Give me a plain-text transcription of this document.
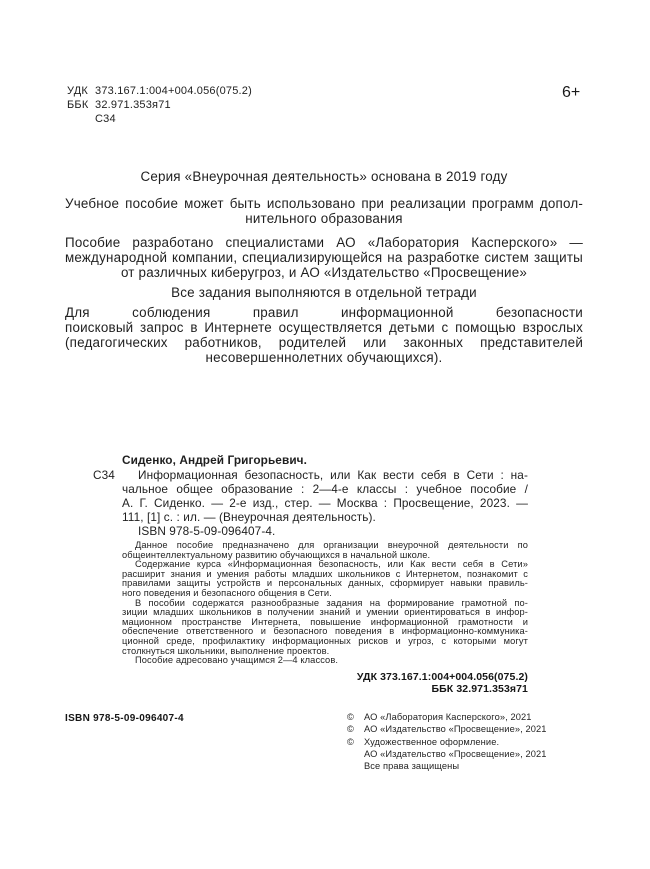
УДК 373.167.1:004+004.056(075.2)
ББК 32.971.353я71
С34
6+
Серия «Внеурочная деятельность» основана в 2019 году
Учебное пособие может быть использовано при реализации программ допол-
нительного образования
Пособие разработано специалистами АО «Лаборатория Касперского» —
международной компании, специализирующейся на разработке систем защиты
от различных киберугроз, и АО «Издательство «Просвещение»
Все задания выполняются в отдельной тетради
Для соблюдения правил информационной безопасности
поисковый запрос в Интернете осуществляется детьми с помощью взрослых
(педагогических работников, родителей или законных представителей
несовершеннолетних обучающихся).
Сиденко, Андрей Григорьевич.
С34	Информационная безопасность, или Как вести себя в Сети : на-
чальное общее образование : 2—4-е классы : учебное пособие /
А. Г. Сиденко. — 2-е изд., стер. — Москва : Просвещение, 2023. —
111, [1] с. : ил. — (Внеурочная деятельность).
ISBN 978-5-09-096407-4.
Данное пособие предназначено для организации внеурочной деятельности по
общеинтеллектуальному развитию обучающихся в начальной школе.
Содержание курса «Информационная безопасность, или Как вести себя в Сети»
расширит знания и умения работы младших школьников с Интернетом, познакомит с
правилами защиты устройств и персональных данных, сформирует навыки правиль-
ного поведения и безопасного общения в Сети.
В пособии содержатся разнообразные задания на формирование грамотной по-
зиции младших школьников в получении знаний и умении ориентироваться в инфор-
мационном пространстве Интернета, повышение информационной грамотности и
обеспечение ответственного и безопасного поведения в информационно-коммуника-
ционной среде, профилактику информационных рисков и угроз, с которыми могут
столкнуться школьники, выполнение проектов.
Пособие адресовано учащимся 2—4 классов.
УДК 373.167.1:004+004.056(075.2)
ББК 32.971.353я71
ISBN 978-5-09-096407-4	©	АО «Лаборатория Касперского», 2021
©	АО «Издательство «Просвещение», 2021
©	Художественное оформление.
АО «Издательство «Просвещение», 2021
Все права защищены
